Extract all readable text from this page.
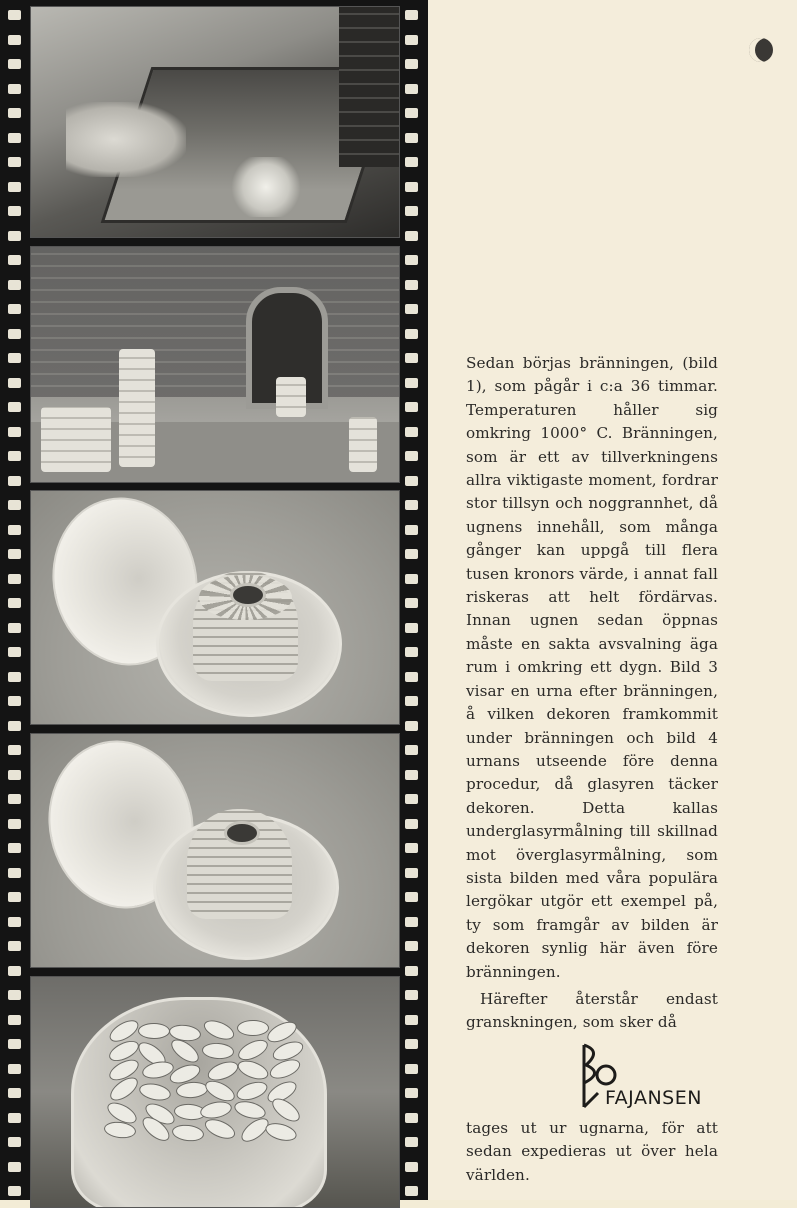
Sedan börjas bränningen, (bild 1), som pågår i c:a 36 timmar. Temperaturen håller sig omkring 1000° C. Bränningen, som är ett av tillverkningens allra viktigaste moment, fordrar stor tillsyn och noggrannhet, då ugnens innehåll, som många gånger kan uppgå till flera tusen kronors värde, i annat fall riskeras att helt fördärvas. Innan ugnen sedan öppnas måste en sakta avsvalning äga rum i omkring ett dygn. Bild 3 visar en urna efter bränningen, å vilken dekoren framkommit under bränningen och bild 4 urnans utseende före denna procedur, då glasyren täcker dekoren. Detta kallas underglasyrmålning till skillnad mot överglasyrmålning, som sista bilden med våra populära lergökar utgör ett exempel på, ty som framgår av bilden är dekoren synlig här även före bränningen.

Härefter återstår endast granskningen, som sker då

FAJANSEN

tages ut ur ugnarna, för att sedan expedieras ut över hela världen.
